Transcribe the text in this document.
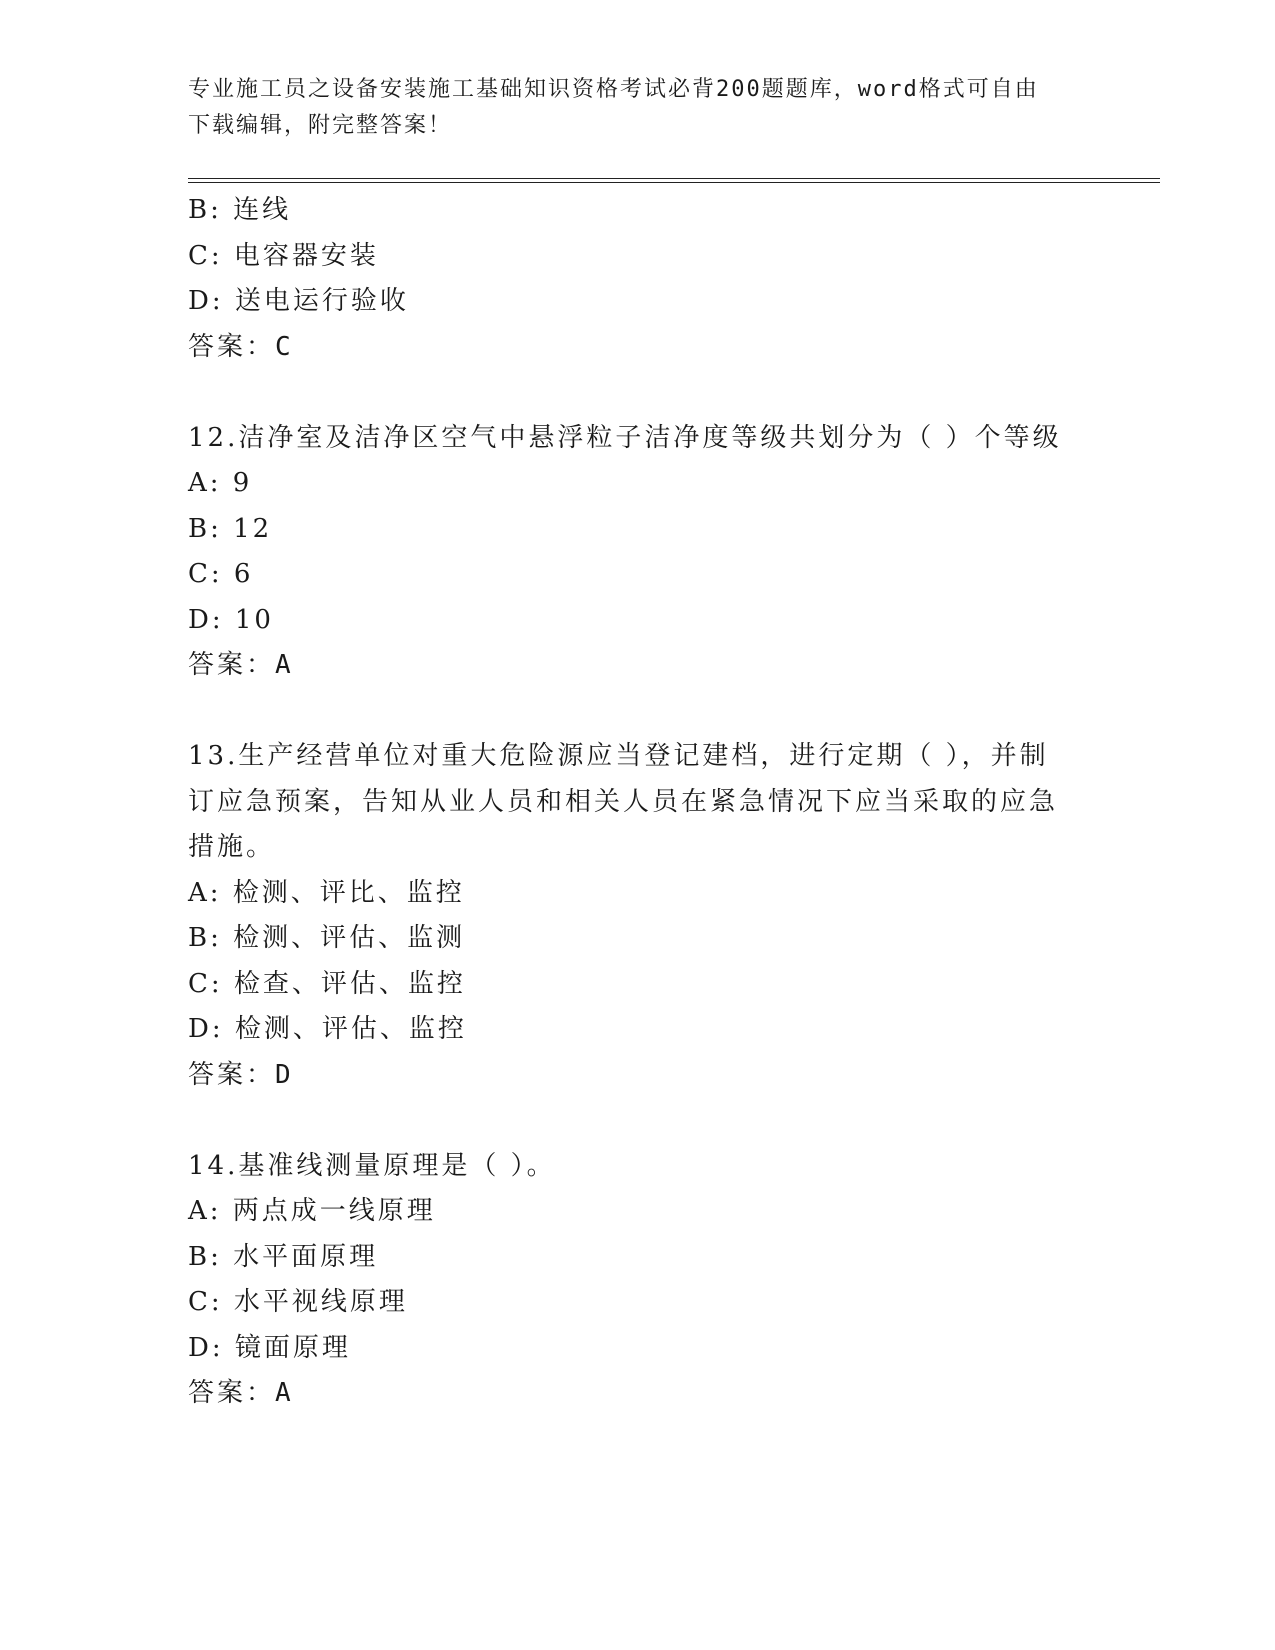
专业施工员之设备安装施工基础知识资格考试必背200题题库，word格式可自由
下载编辑，附完整答案！
B: 连线
C: 电容器安装
D: 送电运行验收
答案：C
12.洁净室及洁净区空气中悬浮粒子洁净度等级共划分为（ ）个等级
A: 9
B: 12
C: 6
D: 10
答案：A
13.生产经营单位对重大危险源应当登记建档，进行定期（ ），并制
订应急预案，告知从业人员和相关人员在紧急情况下应当采取的应急
措施。
A: 检测、评比、监控
B: 检测、评估、监测
C: 检查、评估、监控
D: 检测、评估、监控
答案：D
14.基准线测量原理是（ ）。
A: 两点成一线原理
B: 水平面原理
C: 水平视线原理
D: 镜面原理
答案：A
